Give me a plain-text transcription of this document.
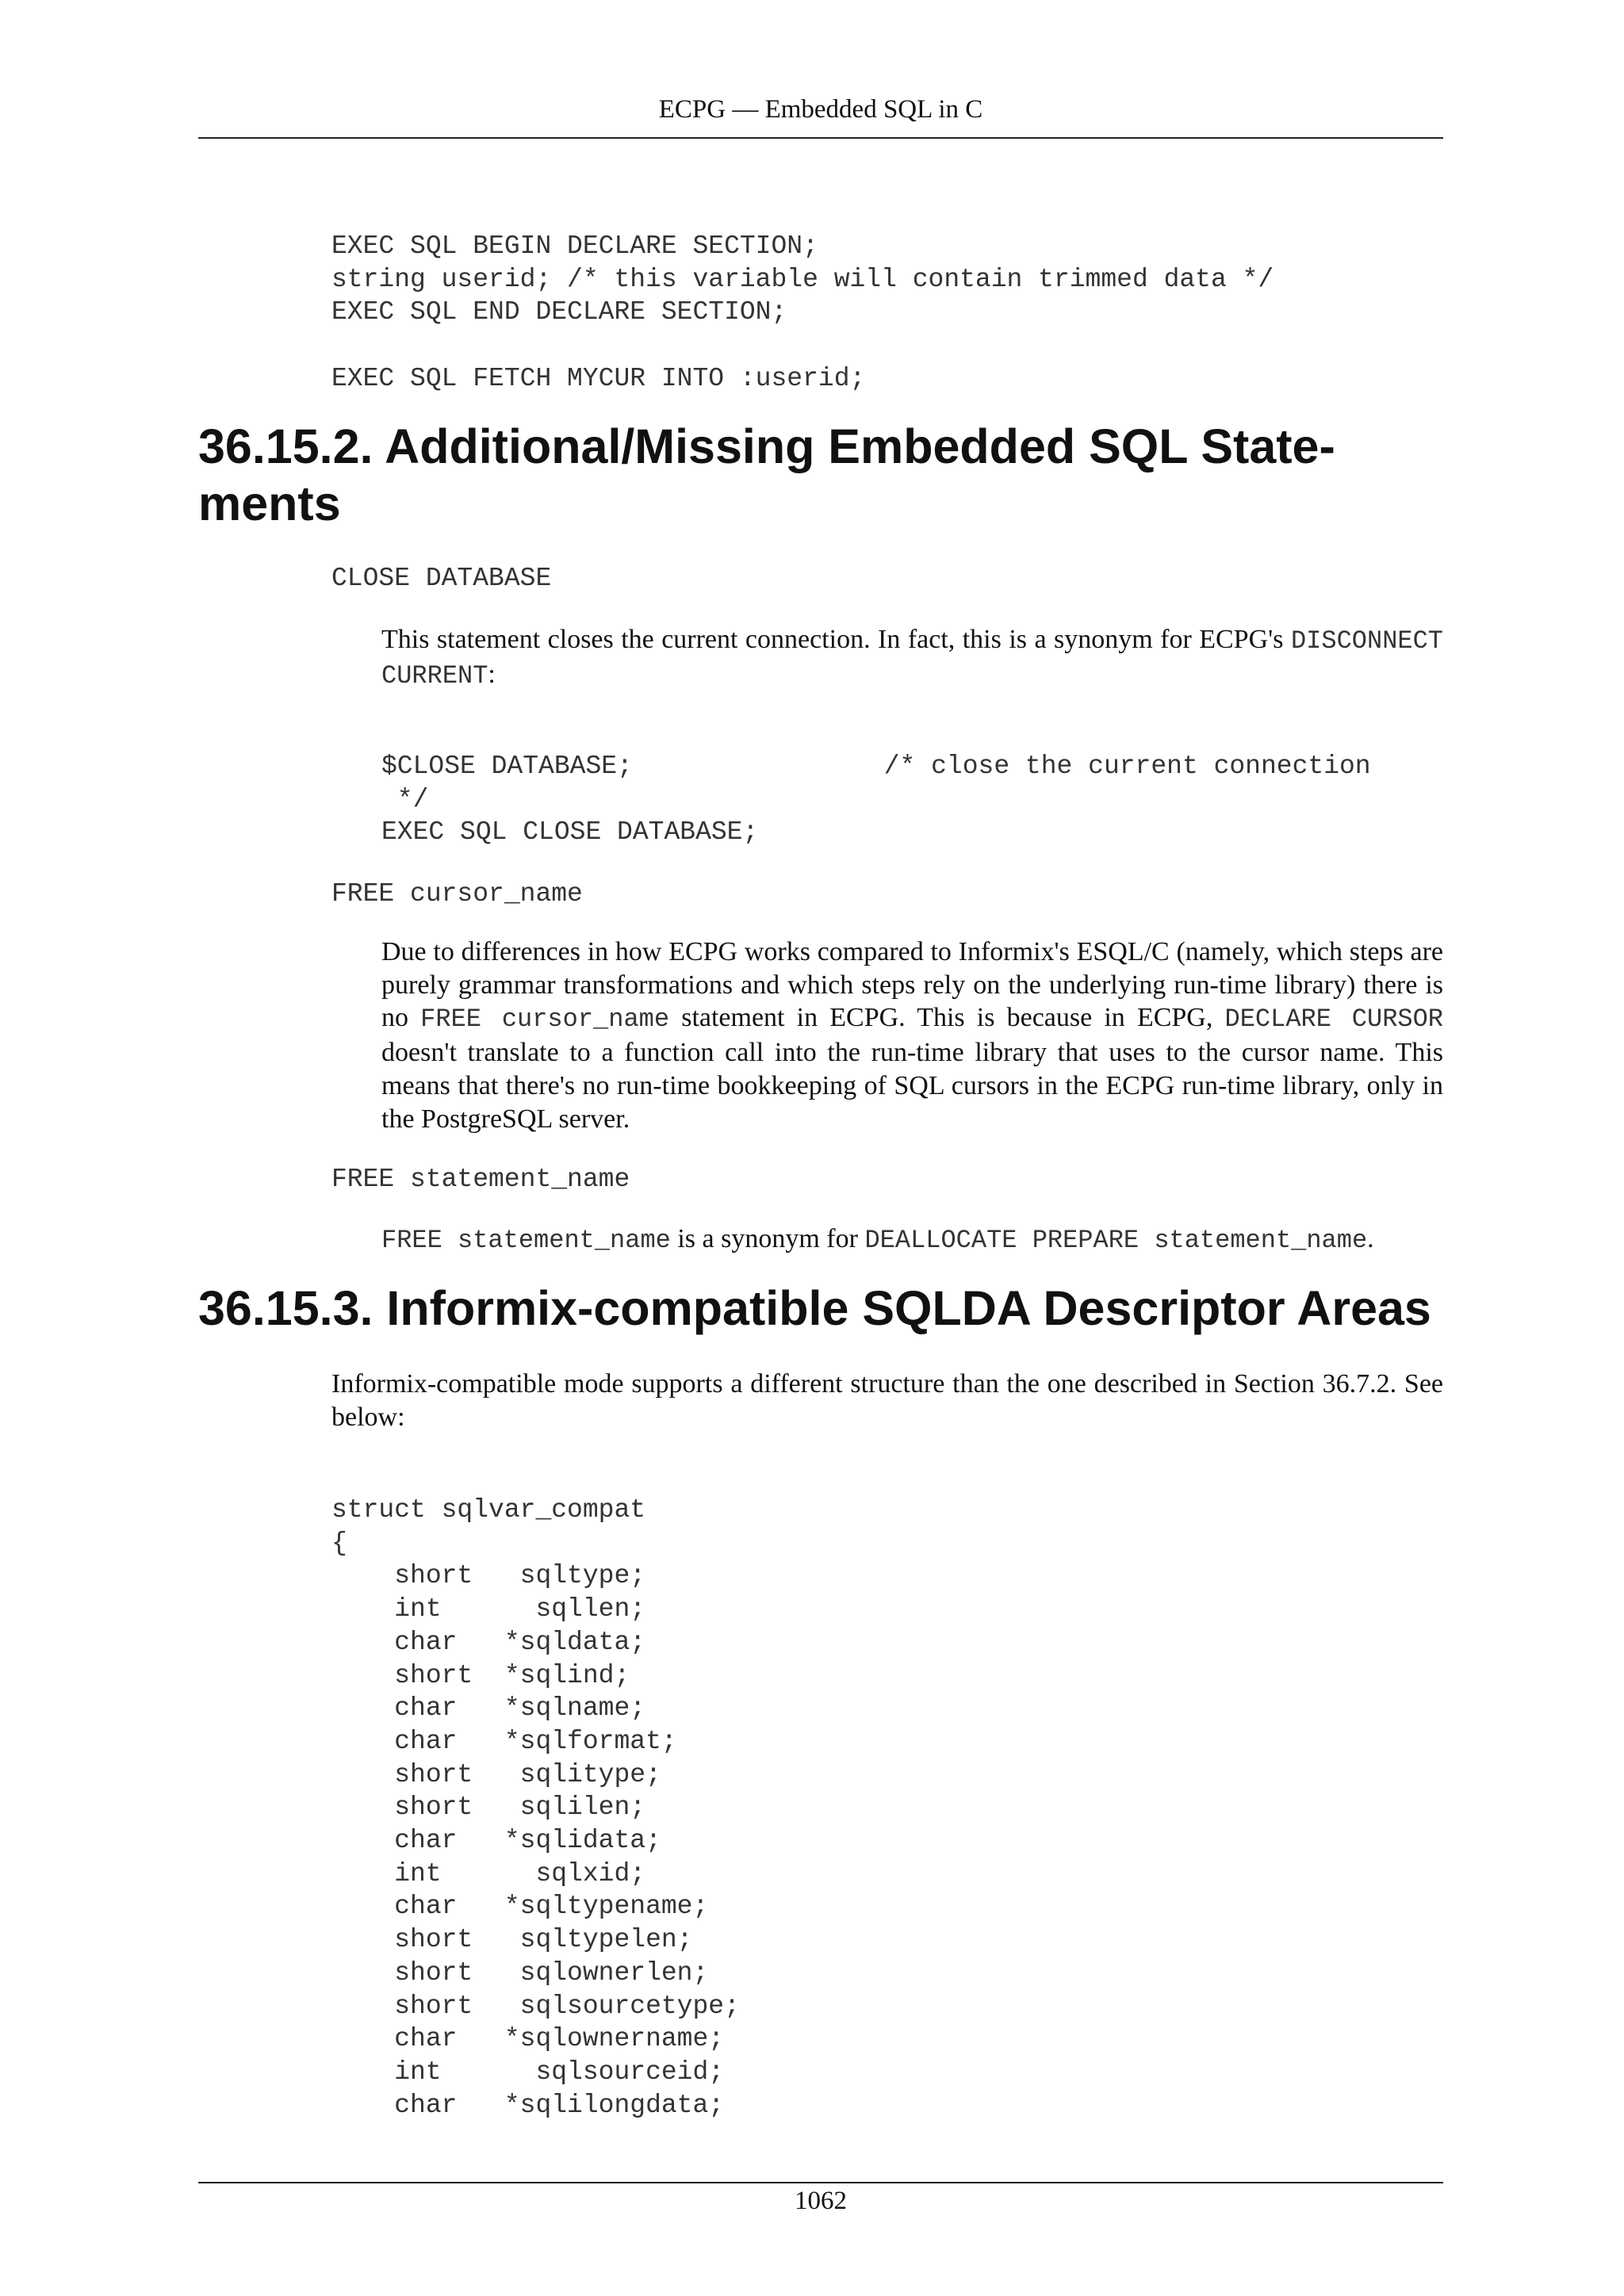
ECPG — Embedded SQL in C
EXEC SQL BEGIN DECLARE SECTION;
string userid; /* this variable will contain trimmed data */
EXEC SQL END DECLARE SECTION;

EXEC SQL FETCH MYCUR INTO :userid;
36.15.2. Additional/Missing Embedded SQL State-
ments
CLOSE DATABASE

This statement closes the current connection. In fact, this is a synonym for ECPG's DISCONNECT CURRENT:

$CLOSE DATABASE;                /* close the current connection
*/
EXEC SQL CLOSE DATABASE;
FREE cursor_name

Due to differences in how ECPG works compared to Informix's ESQL/C (namely, which steps are purely grammar transformations and which steps rely on the underlying run-time library) there is no FREE cursor_name statement in ECPG. This is because in ECPG, DECLARE CURSOR doesn't translate to a function call into the run-time library that uses to the cursor name. This means that there's no run-time bookkeeping of SQL cursors in the ECPG run-time library, only in the PostgreSQL server.

FREE statement_name

FREE statement_name is a synonym for DEALLOCATE PREPARE statement_name.

36.15.3. Informix-compatible SQLDA Descriptor Areas

Informix-compatible mode supports a different structure than the one described in Section 36.7.2. See below:

struct sqlvar_compat
{
short   sqltype;
int      sqllen;
char   *sqldata;
short  *sqlind;
char   *sqlname;
char   *sqlformat;
short   sqlitype;
short   sqlilen;
char   *sqlidata;
int      sqlxid;
char   *sqltypename;
short   sqltypelen;
short   sqlownerlen;
short   sqlsourcetype;
char   *sqlownername;
int      sqlsourceid;
char   *sqlilongdata;
1062
